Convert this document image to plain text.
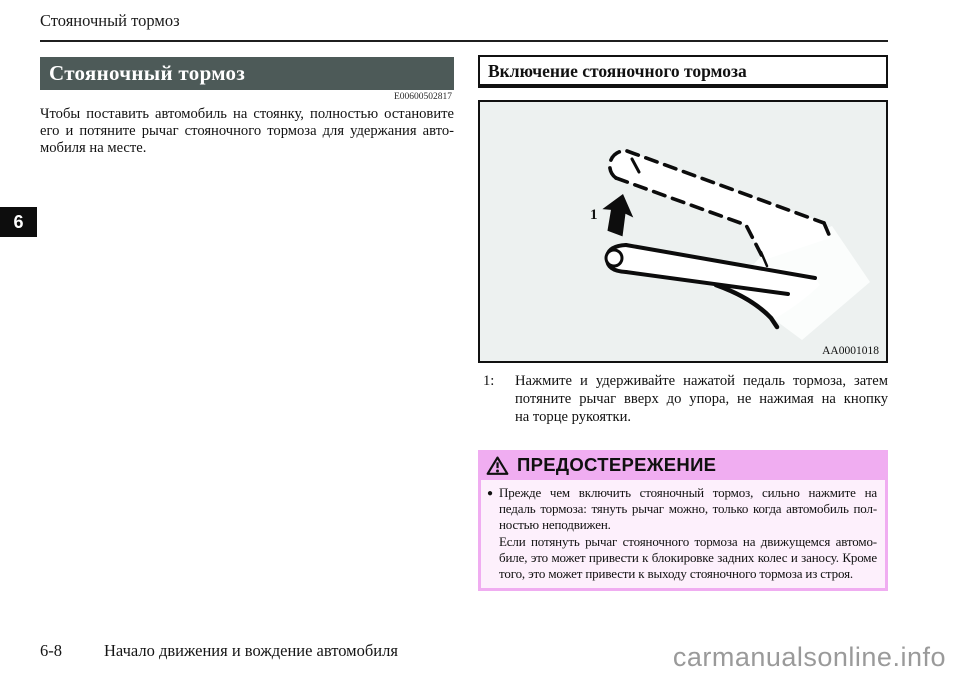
Стояночный тормоз
6
Стояночный тормоз
E00600502817
Чтобы поставить автомобиль на стоянку, полностью остановите
его и потяните рычаг стояночного тормоза для удержания авто-
мобиля на месте.
Включение стояночного тормоза
1
AA0001018
1: Нажмите и удерживайте нажатой педаль тормоза, затем
потяните рычаг вверх до упора, не нажимая на кнопку
на торце рукоятки.
ПРЕДОСТЕРЕЖЕНИЕ
● Прежде чем включить стояночный тормоз, сильно нажмите на
педаль тормоза: тянуть рычаг можно, только когда автомобиль пол-
ностью неподвижен.
Если потянуть рычаг стояночного тормоза на движущемся автомо-
биле, это может привести к блокировке задних колес и заносу. Кроме
того, это может привести к выходу стояночного тормоза из строя.
6-8	Начало движения и вождение автомобиля	carmanualsonline.info
